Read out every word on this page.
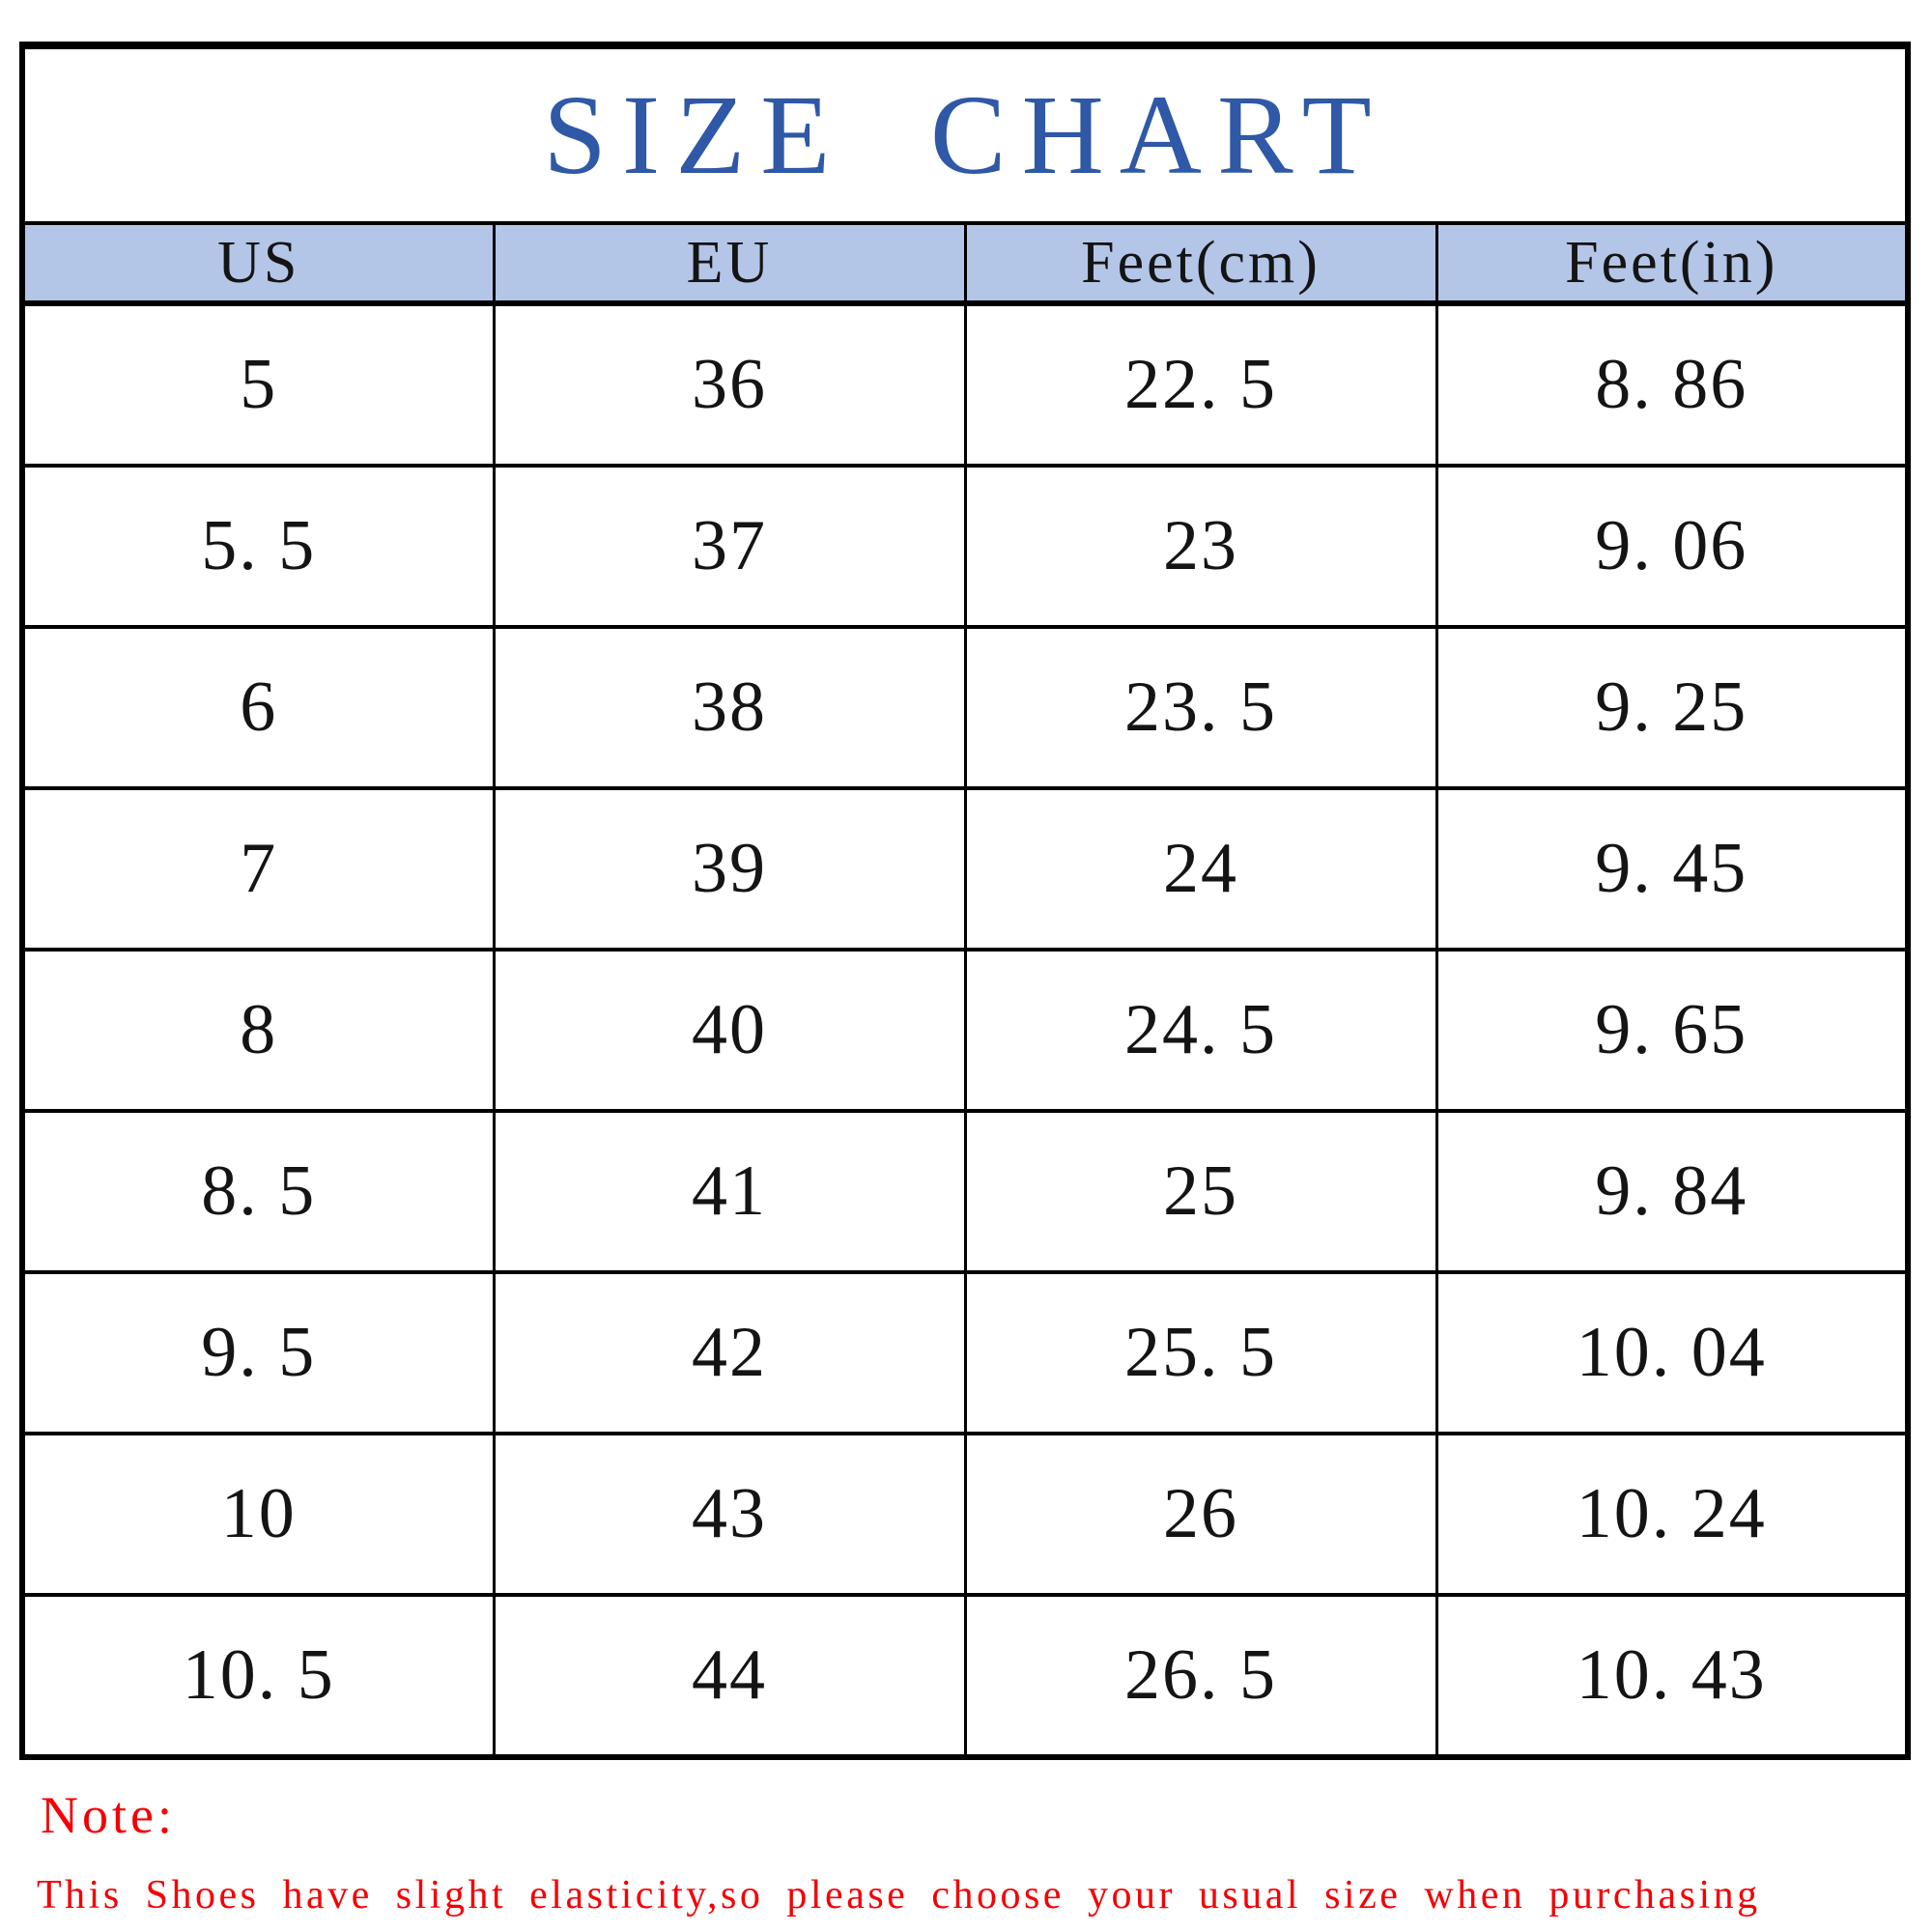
SIZE CHART			
US	EU	Feet(cm)	Feet(in)
5	36	22. 5	8. 86
5. 5	37	23	9. 06
6	38	23. 5	9. 25
7	39	24	9. 45
8	40	24. 5	9. 65
8. 5	41	25	9. 84
9. 5	42	25. 5	10. 04
10	43	26	10. 24
10. 5	44	26. 5	10. 43
Note:
This Shoes have slight elasticity,so please choose your usual size when purchasing
